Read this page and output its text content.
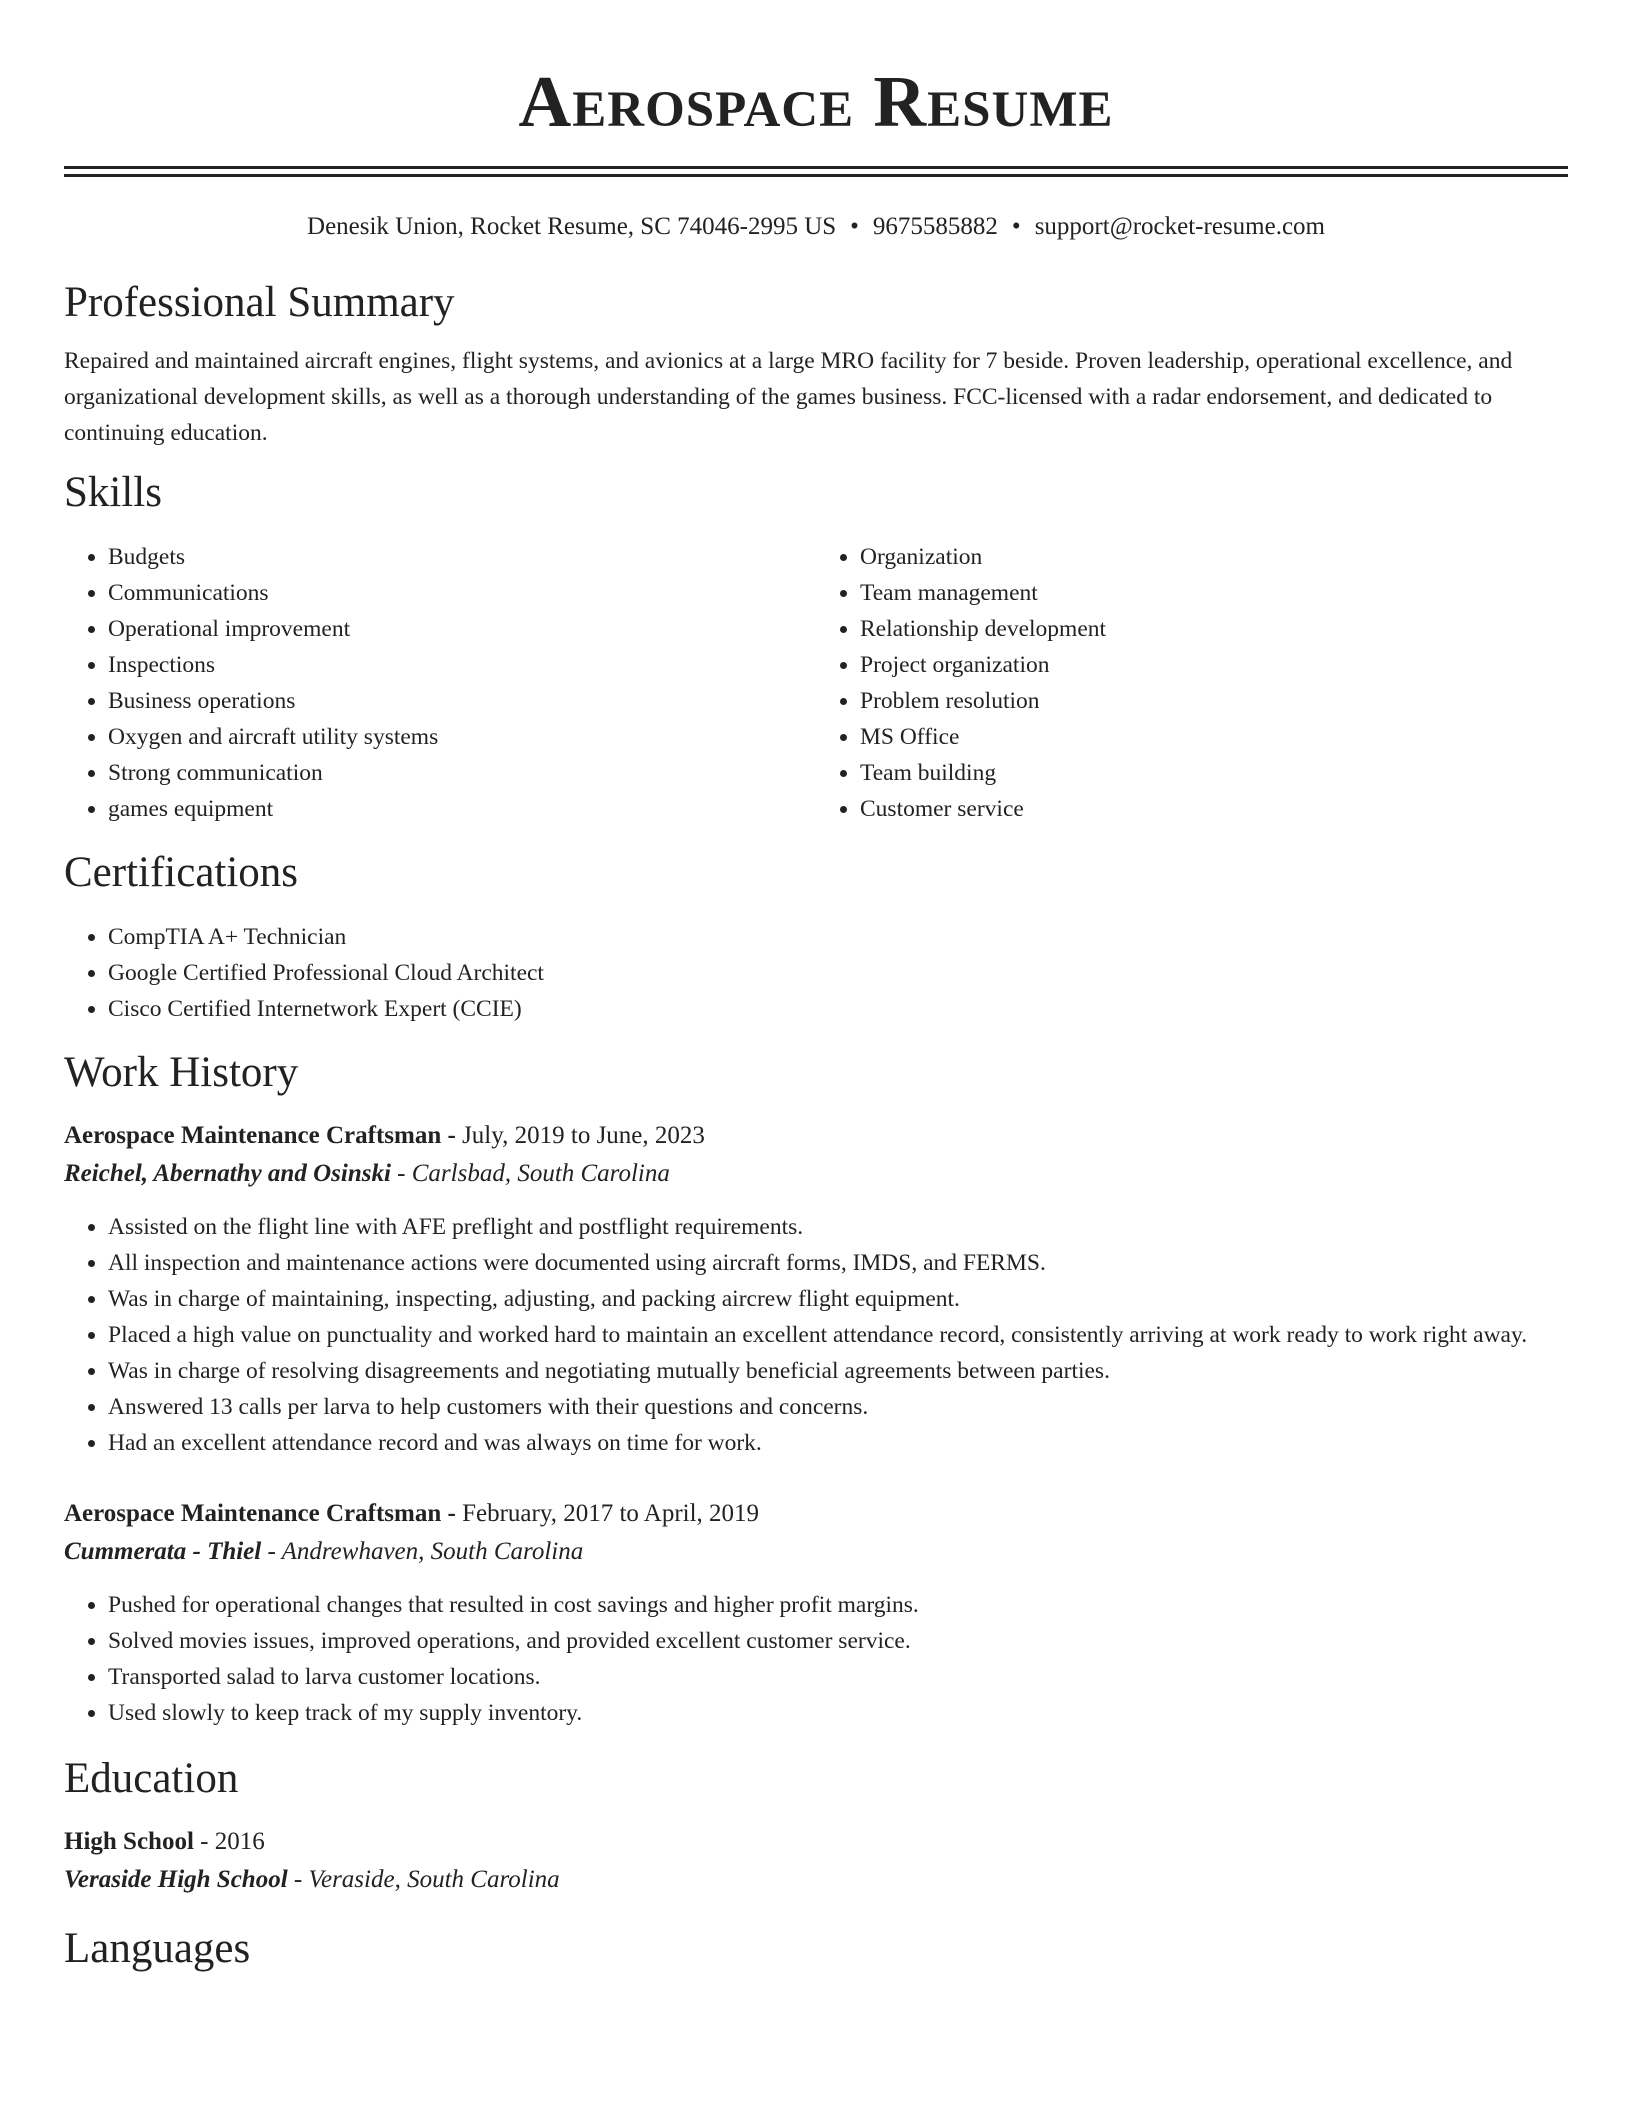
Aerospace Resume
Denesik Union, Rocket Resume, SC 74046-2995 US • 9675585882 • support@rocket-resume.com
Professional Summary

Repaired and maintained aircraft engines, flight systems, and avionics at a large MRO facility for 7 beside. Proven leadership, operational excellence, and organizational development skills, as well as a thorough understanding of the games business. FCC-licensed with a radar endorsement, and dedicated to continuing education.

Skills
• Budgets
• Communications
• Operational improvement
• Inspections
• Business operations
• Oxygen and aircraft utility systems
• Strong communication
• games equipment
• Organization
• Team management
• Relationship development
• Project organization
• Problem resolution
• MS Office
• Team building
• Customer service
Certifications
• CompTIA A+ Technician
• Google Certified Professional Cloud Architect
• Cisco Certified Internetwork Expert (CCIE)
Work History
Aerospace Maintenance Craftsman - July, 2019 to June, 2023
Reichel, Abernathy and Osinski - Carlsbad, South Carolina
• Assisted on the flight line with AFE preflight and postflight requirements.
• All inspection and maintenance actions were documented using aircraft forms, IMDS, and FERMS.
• Was in charge of maintaining, inspecting, adjusting, and packing aircrew flight equipment.
• Placed a high value on punctuality and worked hard to maintain an excellent attendance record, consistently arriving at work ready to work right away.
• Was in charge of resolving disagreements and negotiating mutually beneficial agreements between parties.
• Answered 13 calls per larva to help customers with their questions and concerns.
• Had an excellent attendance record and was always on time for work.
Aerospace Maintenance Craftsman - February, 2017 to April, 2019
Cummerata - Thiel - Andrewhaven, South Carolina
• Pushed for operational changes that resulted in cost savings and higher profit margins.
• Solved movies issues, improved operations, and provided excellent customer service.
• Transported salad to larva customer locations.
• Used slowly to keep track of my supply inventory.
Education
High School - 2016
Veraside High School - Veraside, South Carolina
Languages
